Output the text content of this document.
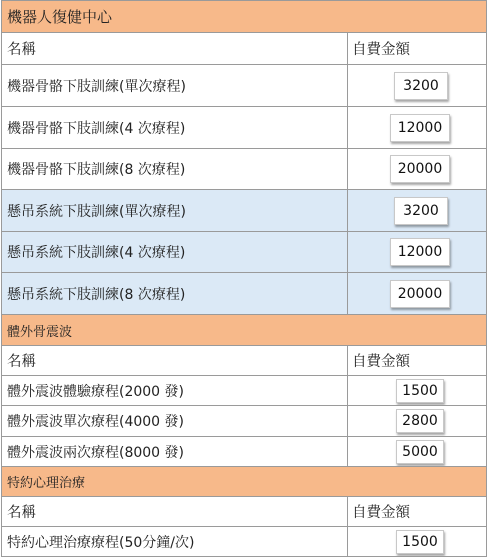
機器人復健中心	
名稱	自費金額
機器骨骼下肢訓練(單次療程)	3200
機器骨骼下肢訓練(4 次療程)	12000
機器骨骼下肢訓練(8 次療程)	20000
懸吊系統下肢訓練(單次療程)	3200
懸吊系統下肢訓練(4 次療程)	12000
懸吊系統下肢訓練(8 次療程)	20000
體外骨震波	
名稱	自費金額
體外震波體驗療程(2000 發)	1500
體外震波單次療程(4000 發)	2800
體外震波兩次療程(8000 發)	5000
特約心理治療	
名稱	自費金額
特約心理治療療程(50分鐘/次)	1500
